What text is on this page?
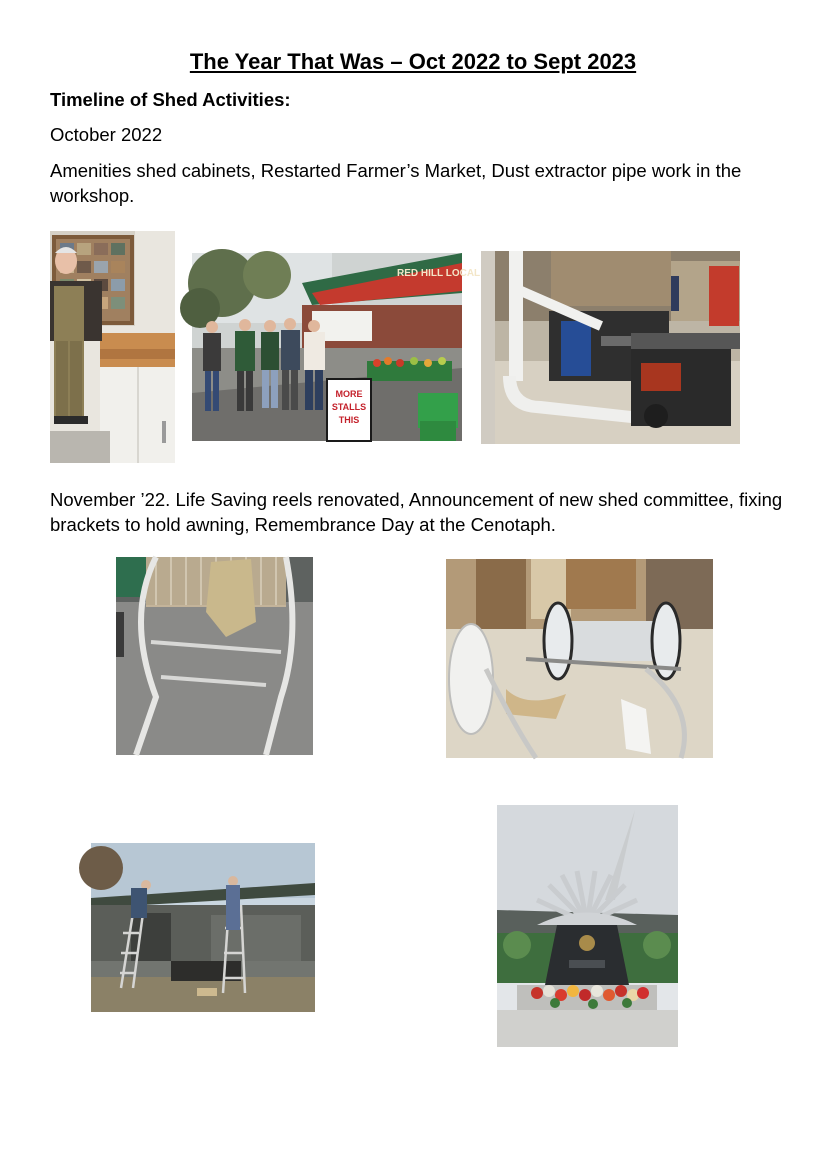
The Year That Was – Oct 2022 to Sept 2023
Timeline of Shed Activities:
October 2022
Amenities shed cabinets, Restarted Farmer’s Market, Dust extractor pipe work in the workshop.
RED HILL LOCAL
MORE
STALLS
THIS
November ’22. Life Saving reels renovated, Announcement of new shed committee, fixing brackets to hold awning, Remembrance Day at the Cenotaph.
